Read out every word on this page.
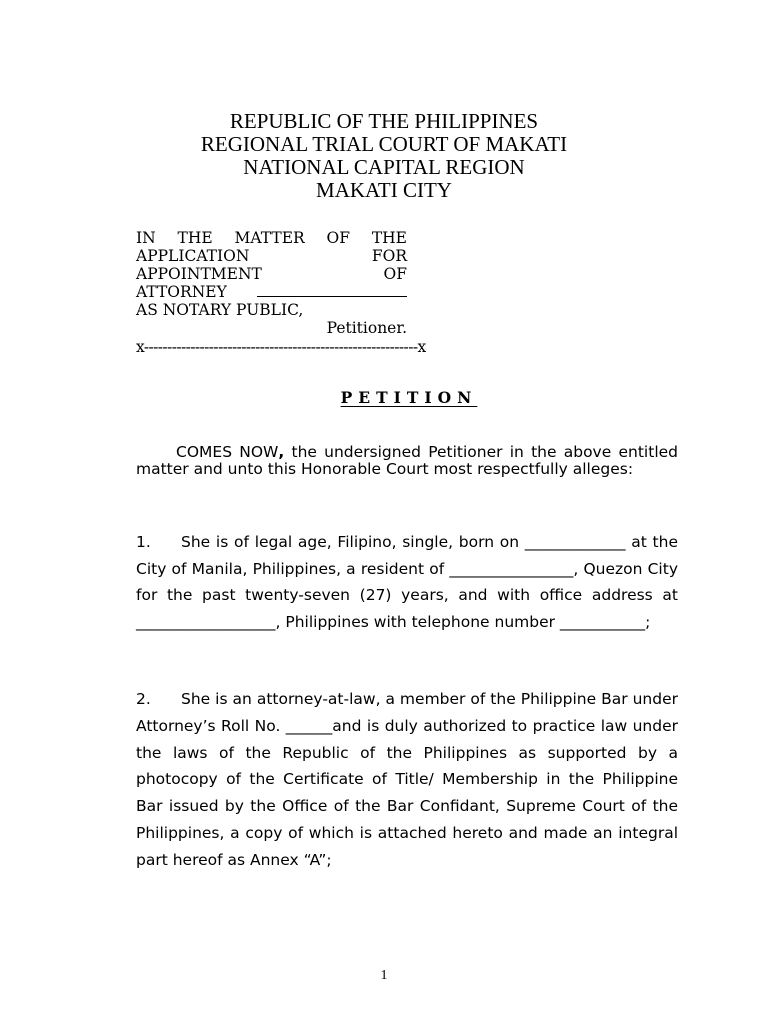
REPUBLIC OF THE PHILIPPINES
REGIONAL TRIAL COURT OF MAKATI
NATIONAL CAPITAL REGION
MAKATI CITY
IN THE MATTER OF THE
APPLICATION	FOR
APPOINTMENT	OF
ATTORNEY
AS NOTARY PUBLIC,
Petitioner.
x-----------------------------------------------------------x
PETITION
COMES NOW, the undersigned Petitioner in the above entitled matter and unto this Honorable Court most respectfully alleges:
1. She is of legal age, Filipino, single, born on _____________ at the City of Manila, Philippines, a resident of ________________, Quezon City for the past twenty-seven (27) years, and with office address at __________________, Philippines with telephone number ___________;
2. She is an attorney-at-law, a member of the Philippine Bar under Attorney’s Roll No. ______and is duly authorized to practice law under the laws of the Republic of the Philippines as supported by a photocopy of the Certificate of Title/ Membership in the Philippine Bar issued by the Office of the Bar Confidant, Supreme Court of the Philippines, a copy of which is attached hereto and made an integral part hereof as Annex “A”;
1
